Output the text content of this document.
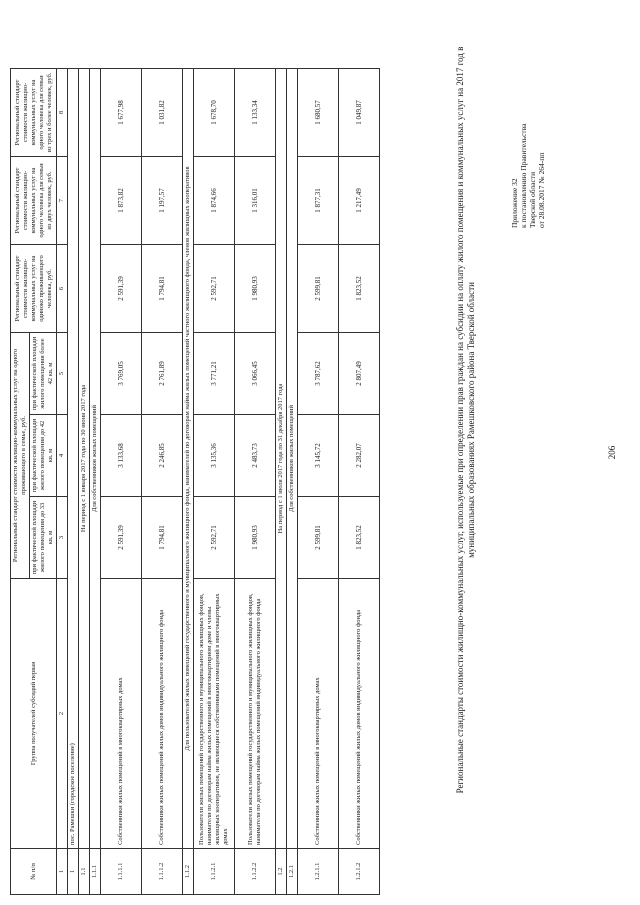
206
Приложение 32 к постановлению Правительства Тверской области от 28.08.2017 № 264-пп
Региональные стандарты стоимости жилищно-коммунальных услуг, используемые при определении прав граждан на субсидии на оплату жилого помещения и коммунальных услуг на 2017 год в муниципальных образованиях Рамешковского района Тверской области
№ п/п	Группа получателей субсидий первая	Региональный стандарт стоимости жилищно-коммунальных услуг на одного проживающего в семье, руб.			Региональный стандарт стоимости жилищно-коммунальных услуг на одиноко проживающего человека, руб.	Региональный стандарт стоимости жилищно-коммунальных услуг на одного человека для семьи из двух человек, руб.	Региональный стандарт стоимости жилищно-коммунальных услуг на одного человека для семьи из трех и более человек, руб.
		при фактической площади жилого помещения до 33 кв. м	при фактической площади жилого помещения до 42 кв. м	при фактической площади жилого помещения более 42 кв. м			
1	2	3	4	5	6	7	8
1	пос. Рамешки (городское поселение)						
1.1	На период с 1 января 2017 года по 30 июня 2017 года						
1.1.1	Для собственников жилых помещений						
1.1.1.1	Собственники жилых помещений в многоквартирных домах	2 591,39	3 133,68	3 769,05	2 591,39	1 873,82	1 677,98
1.1.1.2	Собственники жилых помещений жилых домов индивидуального жилищного фонда	1 794,81	2 246,85	2 761,89	1 794,81	1 197,57	1 031,82
1.1.2	Для пользователей жилых помещений государственного и муниципального жилищного фонда, нанимателей по договорам найма жилых помещений частного жилищного фонда, членов жилищных кооперативов						
1.1.2.1	Пользователи жилых помещений государственного и муниципального жилищных фондов, наниматели по договорам найма жилых помещений в многоквартирном доме и члены жилищных кооперативов, не являющиеся собственниками помещений в многоквартирных домах	2 592,71	3 135,36	3 771,21	2 592,71	1 874,66	1 678,70
1.1.2.2	Пользователи жилых помещений государственного и муниципального жилищных фондов, наниматели по договорам найма жилых помещений индивидуального жилищного фонда	1 980,93	2 483,73	3 066,45	1 980,93	1 316,01	1 133,34
1.2	На период с 1 июля 2017 года по 31 декабря 2017 года						
1.2.1	Для собственников жилых помещений						
1.2.1.1	Собственники жилых помещений в многоквартирных домах	2 599,81	3 145,72	3 787,62	2 599,81	1 877,31	1 680,57
1.2.1.2	Собственники жилых помещений жилых домов индивидуального жилищного фонда	1 823,52	2 282,07	2 807,49	1 823,52	1 217,49	1 049,87
